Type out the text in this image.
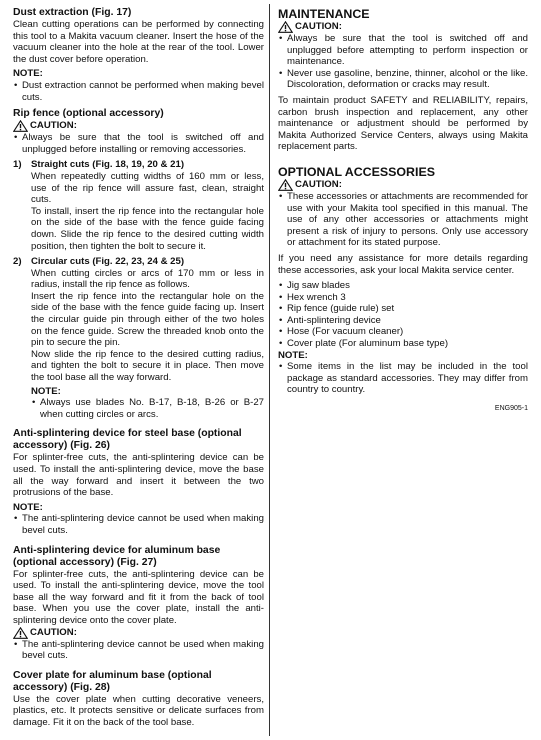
Dust extraction (Fig. 17)

Clean cutting operations can be performed by connecting this tool to a Makita vacuum cleaner. Insert the hose of the vacuum cleaner into the hole at the rear of the tool. Lower the dust cover before operation.

NOTE:

• Dust extraction cannot be performed when making bevel cuts.
Rip fence (optional accessory)
CAUTION:
• Always be sure that the tool is switched off and unplugged before installing or removing accessories.
1) Straight cuts (Fig. 18, 19, 20 & 21)

When repeatedly cutting widths of 160 mm or less, use of the rip fence will assure fast, clean, straight cuts.

To install, insert the rip fence into the rectangular hole on the side of the base with the fence guide facing down. Slide the rip fence to the desired cutting width position, then tighten the bolt to secure it.

2) Circular cuts (Fig. 22, 23, 24 & 25)

When cutting circles or arcs of 170 mm or less in radius, install the rip fence as follows.

Insert the rip fence into the rectangular hole on the side of the base with the fence guide facing up. Insert the circular guide pin through either of the two holes on the fence guide. Screw the threaded knob onto the pin to secure the pin.

Now slide the rip fence to the desired cutting radius, and tighten the bolt to secure it in place. Then move the tool base all the way forward.

NOTE:

• Always use blades No. B-17, B-18, B-26 or B-27 when cutting circles or arcs.
Anti-splintering device for steel base (optional accessory) (Fig. 26)

For splinter-free cuts, the anti-splintering device can be used. To install the anti-splintering device, move the base all the way forward and insert it between the two protrusions of the base.

NOTE:

• The anti-splintering device cannot be used when making bevel cuts.
Anti-splintering device for aluminum base (optional accessory) (Fig. 27)

For splinter-free cuts, the anti-splintering device can be used. To install the anti-splintering device, move the tool base all the way forward and fit it from the back of tool base. When you use the cover plate, install the anti-splintering device onto the cover plate.

CAUTION:
• The anti-splintering device cannot be used when making bevel cuts.
Cover plate for aluminum base (optional accessory) (Fig. 28)

Use the cover plate when cutting decorative veneers, plastics, etc. It protects sensitive or delicate surfaces from damage. Fit it on the back of the tool base.

MAINTENANCE
CAUTION:
• Always be sure that the tool is switched off and unplugged before attempting to perform inspection or maintenance.
• Never use gasoline, benzine, thinner, alcohol or the like. Discoloration, deformation or cracks may result.

To maintain product SAFETY and RELIABILITY, repairs, carbon brush inspection and replacement, any other maintenance or adjustment should be performed by Makita Authorized Service Centers, always using Makita replacement parts.

OPTIONAL ACCESSORIES
CAUTION:
• These accessories or attachments are recommended for use with your Makita tool specified in this manual. The use of any other accessories or attachments might present a risk of injury to persons. Only use accessory or attachment for its stated purpose.

If you need any assistance for more details regarding these accessories, ask your local Makita service center.

• Jig saw blades
• Hex wrench 3
• Rip fence (guide rule) set
• Anti-splintering device
• Hose (For vacuum cleaner)
• Cover plate (For aluminum base type)

NOTE:

• Some items in the list may be included in the tool package as standard accessories. They may differ from country to country.

ENG905-1
